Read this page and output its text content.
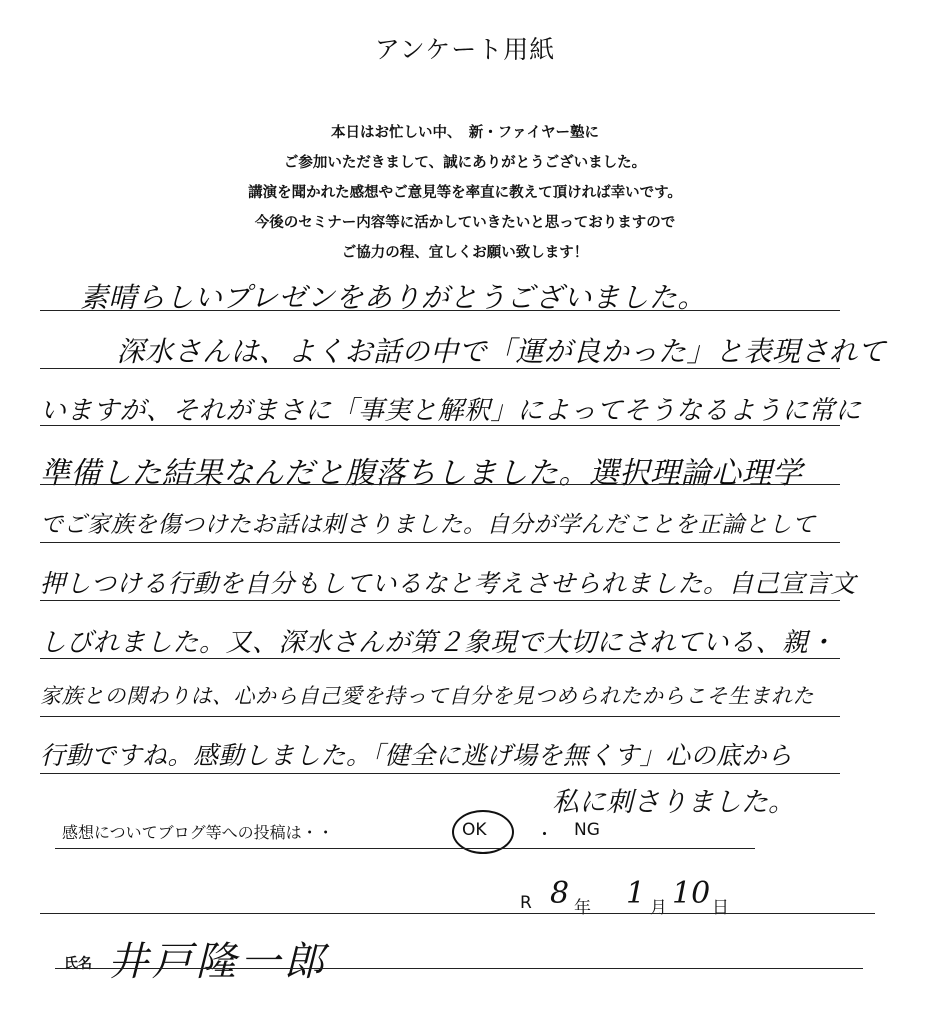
アンケート用紙
本日はお忙しい中、　新・ファイヤー塾に
ご参加いただきまして、誠にありがとうございました。
講演を聞かれた感想やご意見等を率直に教えて頂ければ幸いです。
今後のセミナー内容等に活かしていきたいと思っておりますので
ご協力の程、宜しくお願い致します！
素晴らしいプレゼンをありがとうございました。
　深水さんは、よくお話の中で「運が良かった」と表現されて
いますが、それがまさに「事実と解釈」によってそうなるように常に
準備した結果なんだと腹落ちしました。選択理論心理学
でご家族を傷つけたお話は刺さりました。自分が学んだことを正論として
押しつける行動を自分もしているなと考えさせられました。自己宣言文
しびれました。又、深水さんが第２象現で大切にされている、親・
家族との関わりは、心から自己愛を持って自分を見つめられたからこそ生まれた
行動ですね。感動しました。「健全に逃げ場を無くす」心の底から
私に刺さりました。
感想についてブログ等への投稿は・・	OK	・ NG
R 8 年 1 月 10 日
氏名 井戸隆一郎
